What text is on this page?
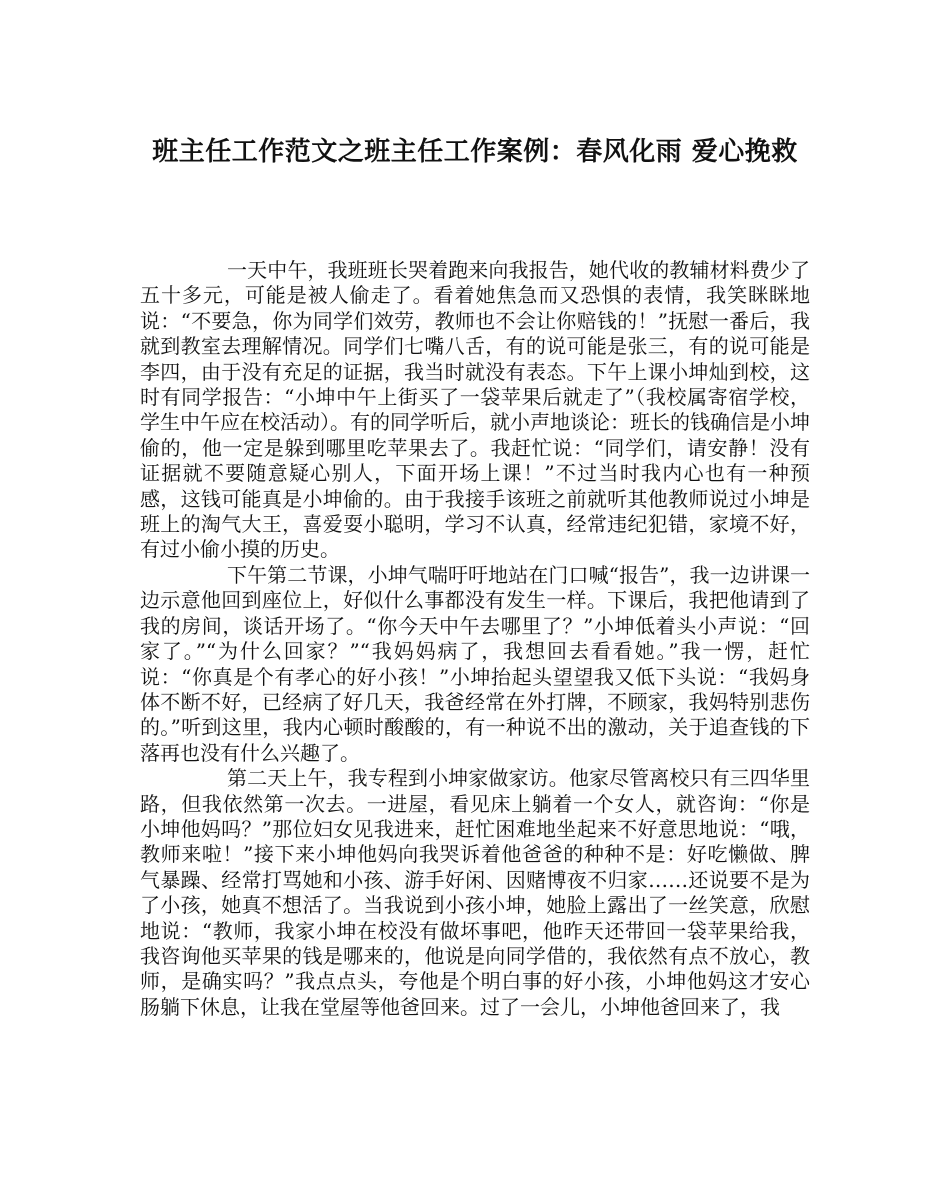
班主任工作范文之班主任工作案例：春风化雨 爱心挽救

一天中午，我班班长哭着跑来向我报告，她代收的教辅材料费少了五十多元，可能是被人偷走了。看着她焦急而又恐惧的表情，我笑眯眯地说：“不要急，你为同学们效劳，教师也不会让你赔钱的！”抚慰一番后，我就到教室去理解情况。同学们七嘴八舌，有的说可能是张三，有的说可能是李四，由于没有充足的证据，我当时就没有表态。下午上课小坤灿到校，这时有同学报告：“小坤中午上街买了一袋苹果后就走了”（我校属寄宿学校，学生中午应在校活动）。有的同学听后，就小声地谈论：班长的钱确信是小坤偷的，他一定是躲到哪里吃苹果去了。我赶忙说：“同学们，请安静！没有证据就不要随意疑心别人，下面开场上课！”不过当时我内心也有一种预感，这钱可能真是小坤偷的。由于我接手该班之前就听其他教师说过小坤是班上的淘气大王，喜爱耍小聪明，学习不认真，经常违纪犯错，家境不好，有过小偷小摸的历史。

下午第二节课，小坤气喘吁吁地站在门口喊“报告”，我一边讲课一边示意他回到座位上，好似什么事都没有发生一样。下课后，我把他请到了我的房间，谈话开场了。“你今天中午去哪里了？”小坤低着头小声说：“回家了。”“为什么回家？”“我妈妈病了，我想回去看看她。”我一愣，赶忙说：“你真是个有孝心的好小孩！”小坤抬起头望望我又低下头说：“我妈身体不断不好，已经病了好几天，我爸经常在外打牌，不顾家，我妈特别悲伤的。”听到这里，我内心顿时酸酸的，有一种说不出的激动，关于追查钱的下落再也没有什么兴趣了。

第二天上午，我专程到小坤家做家访。他家尽管离校只有三四华里路，但我依然第一次去。一进屋，看见床上躺着一个女人，就咨询：“你是小坤他妈吗？”那位妇女见我进来，赶忙困难地坐起来不好意思地说：“哦，教师来啦！”接下来小坤他妈向我哭诉着他爸爸的种种不是：好吃懒做、脾气暴躁、经常打骂她和小孩、游手好闲、因赌博夜不归家……还说要不是为了小孩，她真不想活了。当我说到小孩小坤，她脸上露出了一丝笑意，欣慰地说：“教师，我家小坤在校没有做坏事吧，他昨天还带回一袋苹果给我，我咨询他买苹果的钱是哪来的，他说是向同学借的，我依然有点不放心，教师，是确实吗？”我点点头，夸他是个明白事的好小孩，小坤他妈这才安心肠躺下休息，让我在堂屋等他爸回来。过了一会儿，小坤他爸回来了，我
